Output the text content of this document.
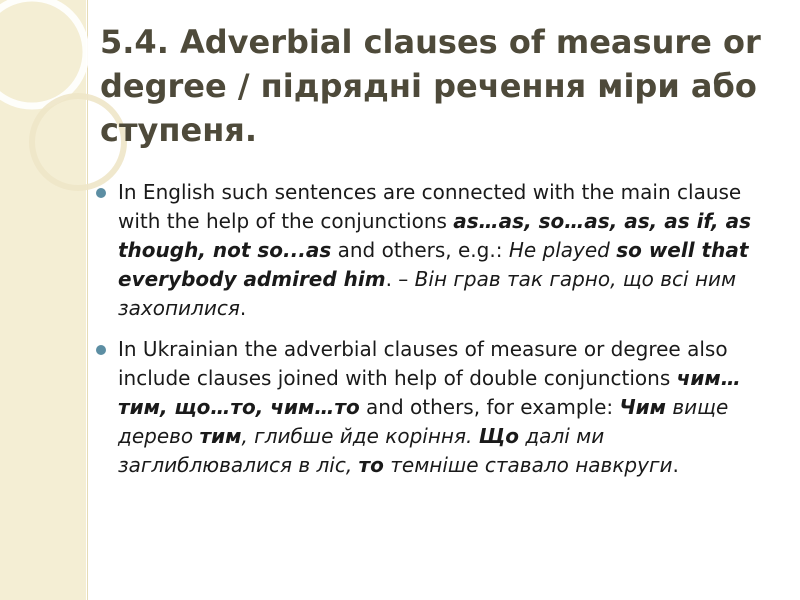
5.4. Adverbial clauses of measure or degree / підрядні речення міри або ступеня.
In English such sentences are connected with the main clause with the help of the conjunctions as…as, so…as, as, as if, as though, not so...as and others, e.g.: He played so well that everybody admired him. – Він грав так гарно, що всі ним захопилися.
In Ukrainian the adverbial clauses of measure or degree also include clauses joined with help of double conjunctions чим…тим, що…то, чим…то and others, for example: Чим вище дерево тим, глибше йде коріння. Що далі ми заглиблювалися в ліс, то темніше ставало навкруги.
